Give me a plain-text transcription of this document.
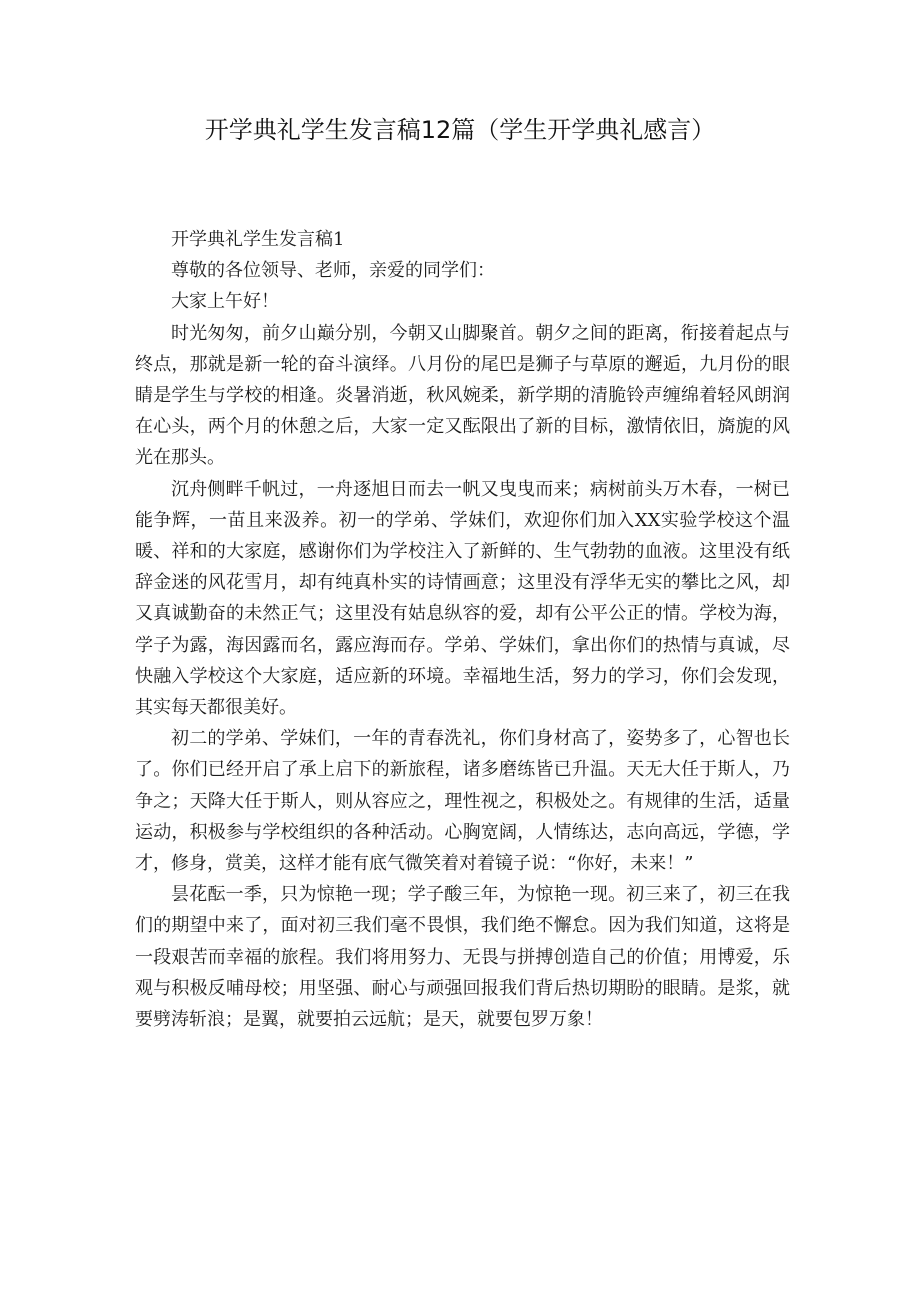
开学典礼学生发言稿12篇（学生开学典礼感言）

开学典礼学生发言稿1

尊敬的各位领导、老师，亲爱的同学们：

大家上午好！

时光匆匆，前夕山巅分别，今朝又山脚聚首。朝夕之间的距离，衔接着起点与终点，那就是新一轮的奋斗演绎。八月份的尾巴是狮子与草原的邂逅，九月份的眼睛是学生与学校的相逢。炎暑消逝，秋风婉柔，新学期的清脆铃声缠绵着轻风朗润在心头，两个月的休憩之后，大家一定又酝限出了新的目标，激情依旧，旖旎的风光在那头。

沉舟侧畔千帆过，一舟逐旭日而去一帆又曳曳而来；病树前头万木春，一树已能争辉，一苗且来汲养。初一的学弟、学妹们，欢迎你们加入XX实验学校这个温暖、祥和的大家庭，感谢你们为学校注入了新鲜的、生气勃勃的血液。这里没有纸辞金迷的风花雪月，却有纯真朴实的诗情画意；这里没有浮华无实的攀比之风，却又真诚勤奋的未然正气；这里没有姑息纵容的爱，却有公平公正的情。学校为海，学子为露，海因露而名，露应海而存。学弟、学妹们，拿出你们的热情与真诚，尽快融入学校这个大家庭，适应新的环境。幸福地生活，努力的学习，你们会发现，其实每天都很美好。

初二的学弟、学妹们，一年的青春洗礼，你们身材高了，姿势多了，心智也长了。你们已经开启了承上启下的新旅程，诸多磨练皆已升温。天无大任于斯人，乃争之；天降大任于斯人，则从容应之，理性视之，积极处之。有规律的生活，适量运动，积极参与学校组织的各种活动。心胸宽阔，人情练达，志向高远，学德，学才，修身，赏美，这样才能有底气微笑着对着镜子说：“你好，未来！”

昙花酝一季，只为惊艳一现；学子酸三年，为惊艳一现。初三来了，初三在我们的期望中来了，面对初三我们毫不畏惧，我们绝不懈怠。因为我们知道，这将是一段艰苦而幸福的旅程。我们将用努力、无畏与拼搏创造自己的价值；用博爱，乐观与积极反哺母校；用坚强、耐心与顽强回报我们背后热切期盼的眼睛。是浆，就要劈涛斩浪；是翼，就要拍云远航；是天，就要包罗万象！
